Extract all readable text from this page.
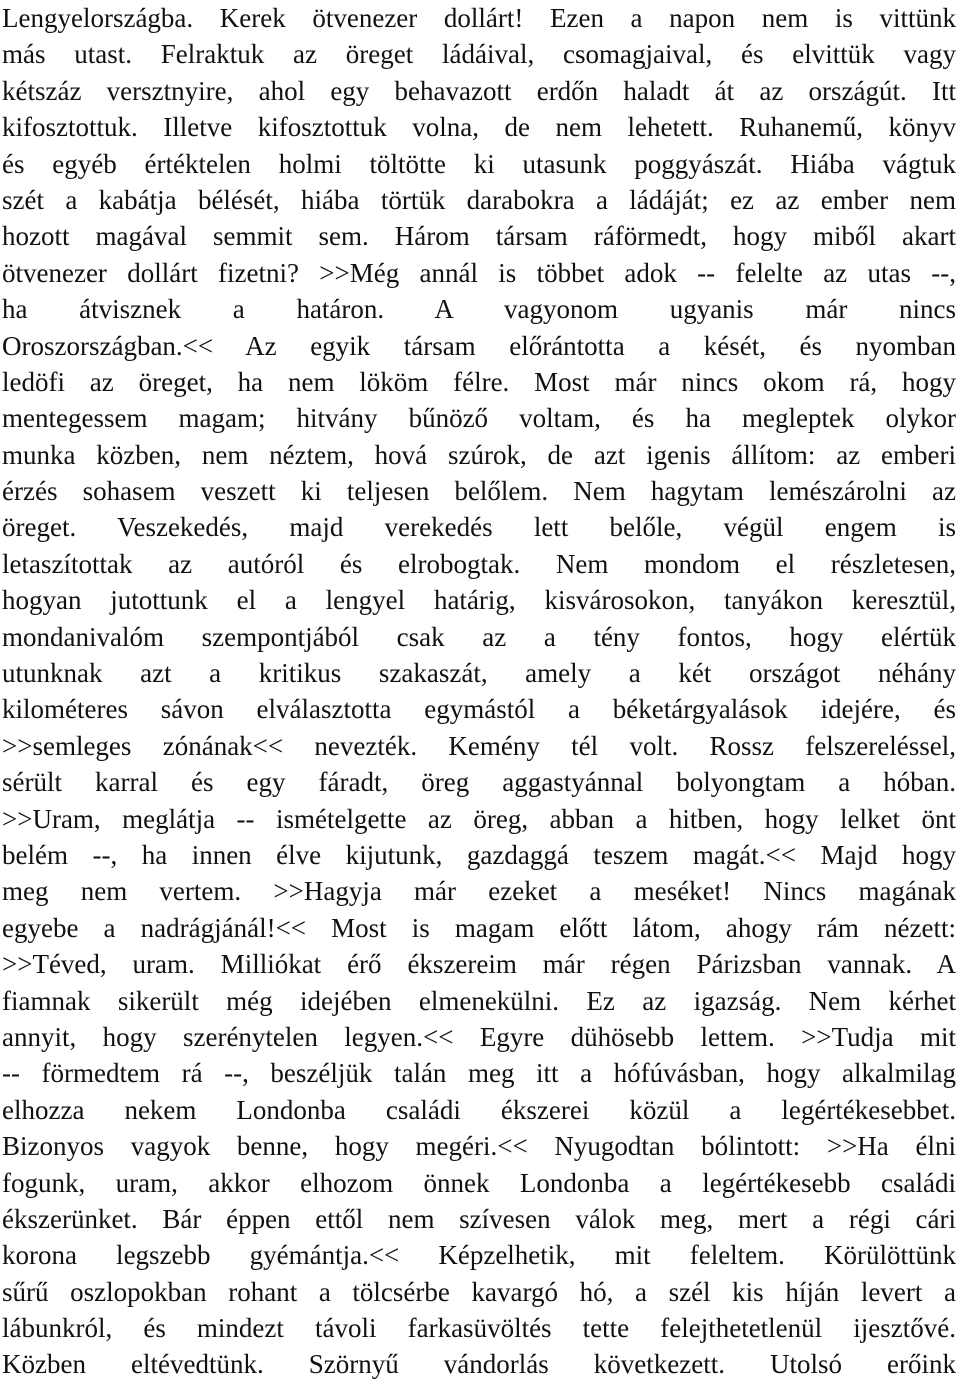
Lengyelországba. Kerek ötvenezer dollárt! Ezen a napon nem is vittünk
más utast. Felraktuk az öreget ládáival, csomagjaival, és elvittük vagy
kétszáz versztnyire, ahol egy behavazott erdőn haladt át az országút. Itt
kifosztottuk. Illetve kifosztottuk volna, de nem lehetett. Ruhanemű, könyv
és egyéb értéktelen holmi töltötte ki utasunk poggyászát. Hiába vágtuk
szét a kabátja bélését, hiába törtük darabokra a ládáját; ez az ember nem
hozott magával semmit sem. Három társam ráförmedt, hogy miből akart
ötvenezer dollárt fizetni? >>Még annál is többet adok -- felelte az utas --,
ha átvisznek a határon. A vagyonom ugyanis már nincs
Oroszországban.<< Az egyik társam előrántotta a kését, és nyomban
ledöfi az öreget, ha nem lököm félre. Most már nincs okom rá, hogy
mentegessem magam; hitvány bűnöző voltam, és ha megleptek olykor
munka közben, nem néztem, hová szúrok, de azt igenis állítom: az emberi
érzés sohasem veszett ki teljesen belőlem. Nem hagytam lemészárolni az
öreget. Veszekedés, majd verekedés lett belőle, végül engem is
letaszítottak az autóról és elrobogtak. Nem mondom el részletesen,
hogyan jutottunk el a lengyel határig, kisvárosokon, tanyákon keresztül,
mondanivalóm szempontjából csak az a tény fontos, hogy elértük
utunknak azt a kritikus szakaszát, amely a két országot néhány
kilométeres sávon elválasztotta egymástól a béketárgyalások idejére, és
>>semleges zónának<< nevezték. Kemény tél volt. Rossz felszereléssel,
sérült karral és egy fáradt, öreg aggastyánnal bolyongtam a hóban.
>>Uram, meglátja -- ismételgette az öreg, abban a hitben, hogy lelket önt
belém --, ha innen élve kijutunk, gazdaggá teszem magát.<< Majd hogy
meg nem vertem. >>Hagyja már ezeket a meséket! Nincs magának
egyebe a nadrágjánál!<< Most is magam előtt látom, ahogy rám nézett:
>>Téved, uram. Milliókat érő ékszereim már régen Párizsban vannak. A
fiamnak sikerült még idejében elmenekülni. Ez az igazság. Nem kérhet
annyit, hogy szerénytelen legyen.<< Egyre dühösebb lettem. >>Tudja mit
-- förmedtem rá --, beszéljük talán meg itt a hófúvásban, hogy alkalmilag
elhozza nekem Londonba családi ékszerei közül a legértékesebbet.
Bizonyos vagyok benne, hogy megéri.<< Nyugodtan bólintott: >>Ha élni
fogunk, uram, akkor elhozom önnek Londonba a legértékesebb családi
ékszerünket. Bár éppen ettől nem szívesen válok meg, mert a régi cári
korona legszebb gyémántja.<< Képzelhetik, mit feleltem. Körülöttünk
sűrű oszlopokban rohant a tölcsérbe kavargó hó, a szél kis híján levert a
lábunkról, és mindezt távoli farkasüvöltés tette felejthetetlenül ijesztővé.
Közben eltévedtünk. Szörnyű vándorlás következett. Utolsó erőink
